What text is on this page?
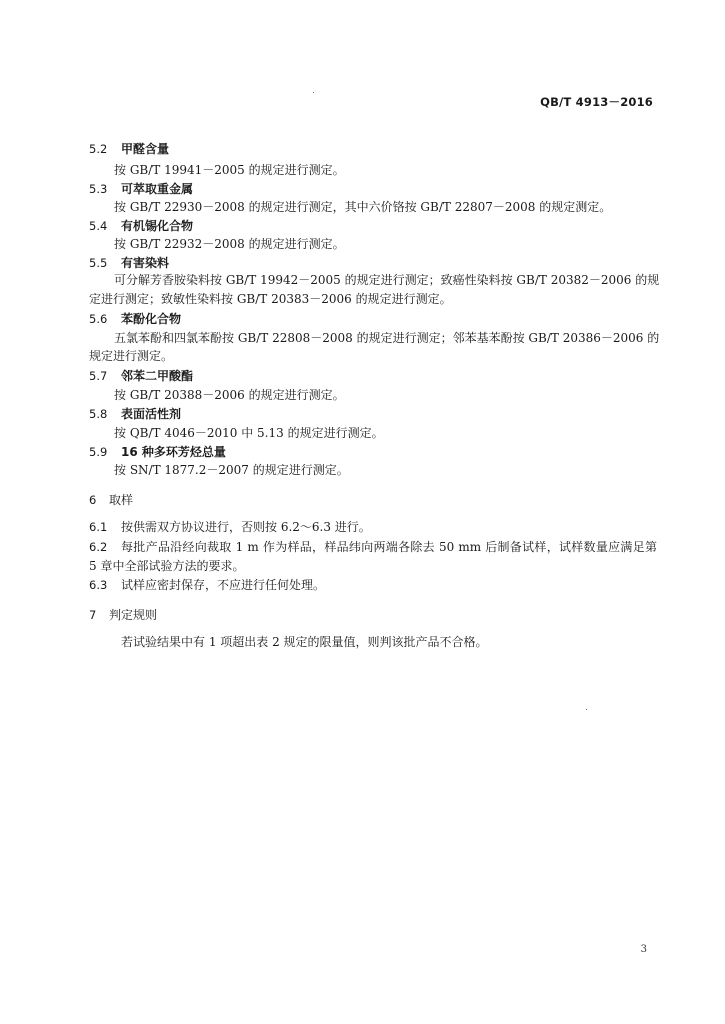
QB/T 4913－2016
5.2 甲醛含量
按 GB/T 19941－2005 的规定进行测定。
5.3 可萃取重金属
按 GB/T 22930－2008 的规定进行测定，其中六价铬按 GB/T 22807－2008 的规定测定。
5.4 有机锡化合物
按 GB/T 22932－2008 的规定进行测定。
5.5 有害染料
可分解芳香胺染料按 GB/T 19942－2005 的规定进行测定；致癌性染料按 GB/T 20382－2006 的规
定进行测定；致敏性染料按 GB/T 20383－2006 的规定进行测定。
5.6 苯酚化合物
五氯苯酚和四氯苯酚按 GB/T 22808－2008 的规定进行测定；邻苯基苯酚按 GB/T 20386－2006 的
规定进行测定。
5.7 邻苯二甲酸酯
按 GB/T 20388－2006 的规定进行测定。
5.8 表面活性剂
按 QB/T 4046－2010 中 5.13 的规定进行测定。
5.9 16 种多环芳烃总量
按 SN/T 1877.2－2007 的规定进行测定。
6 取样
6.1 按供需双方协议进行，否则按 6.2～6.3 进行。
6.2 每批产品沿经向裁取 1 m 作为样品，样品纬向两端各除去 50 mm 后制备试样，试样数量应满足第
5 章中全部试验方法的要求。
6.3 试样应密封保存，不应进行任何处理。
7 判定规则
若试验结果中有 1 项超出表 2 规定的限量值，则判该批产品不合格。
3
